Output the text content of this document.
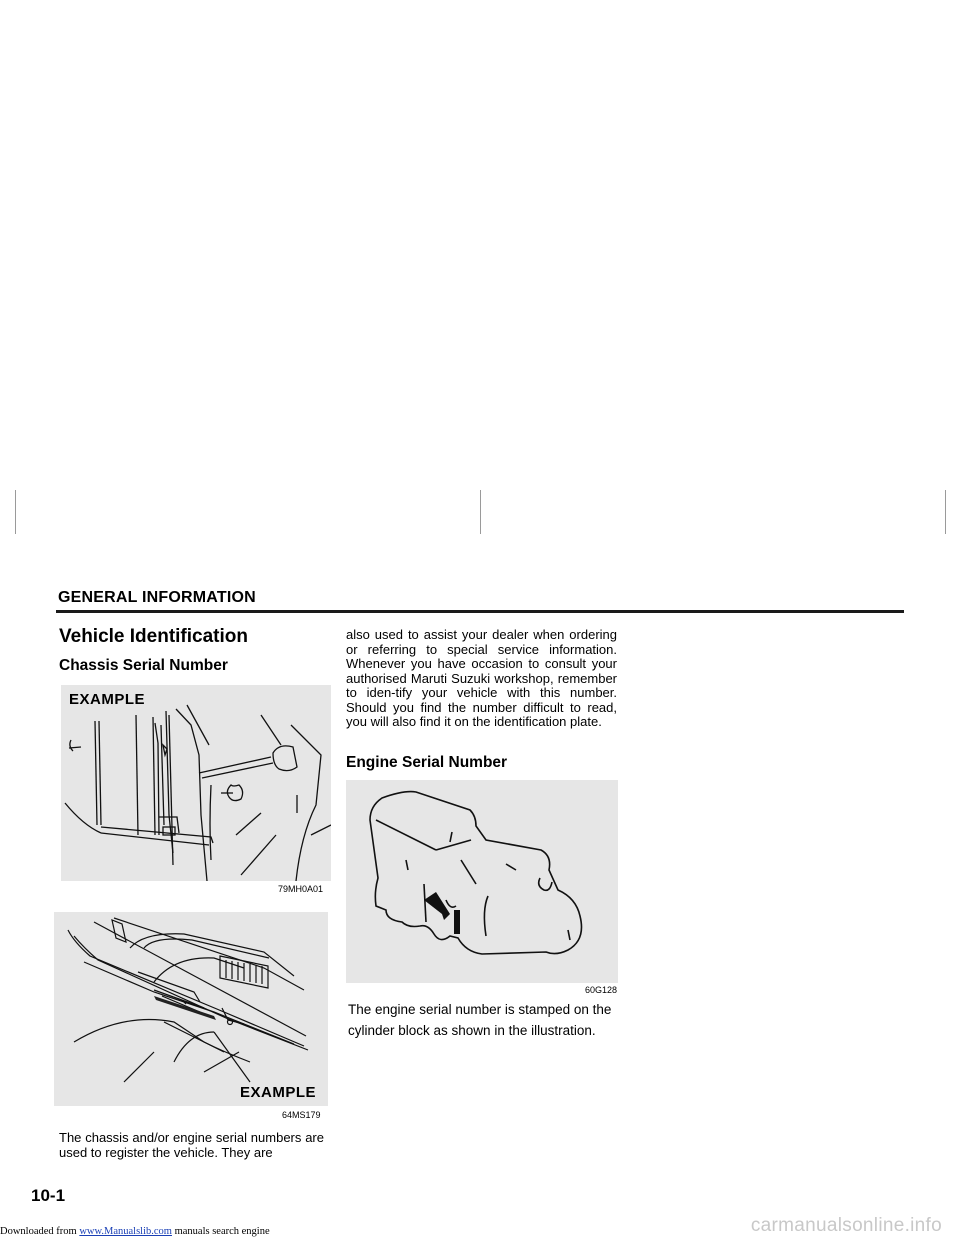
GENERAL INFORMATION
Vehicle Identification
Chassis Serial Number
EXAMPLE
79MH0A01
EXAMPLE
64MS179
The chassis and/or engine serial numbers are used to register the vehicle. They are
also used to assist your dealer when ordering or referring to special service information. Whenever you have occasion to consult your authorised Maruti Suzuki workshop, remember to iden-tify your vehicle with this number. Should you find the number difficult to read, you will also find it on the identification plate.
Engine Serial Number
60G128
The engine serial number is stamped on the cylinder block as shown in the illustration.
10-1
Downloaded from www.Manualslib.com manuals search engine	carmanualsonline.info
